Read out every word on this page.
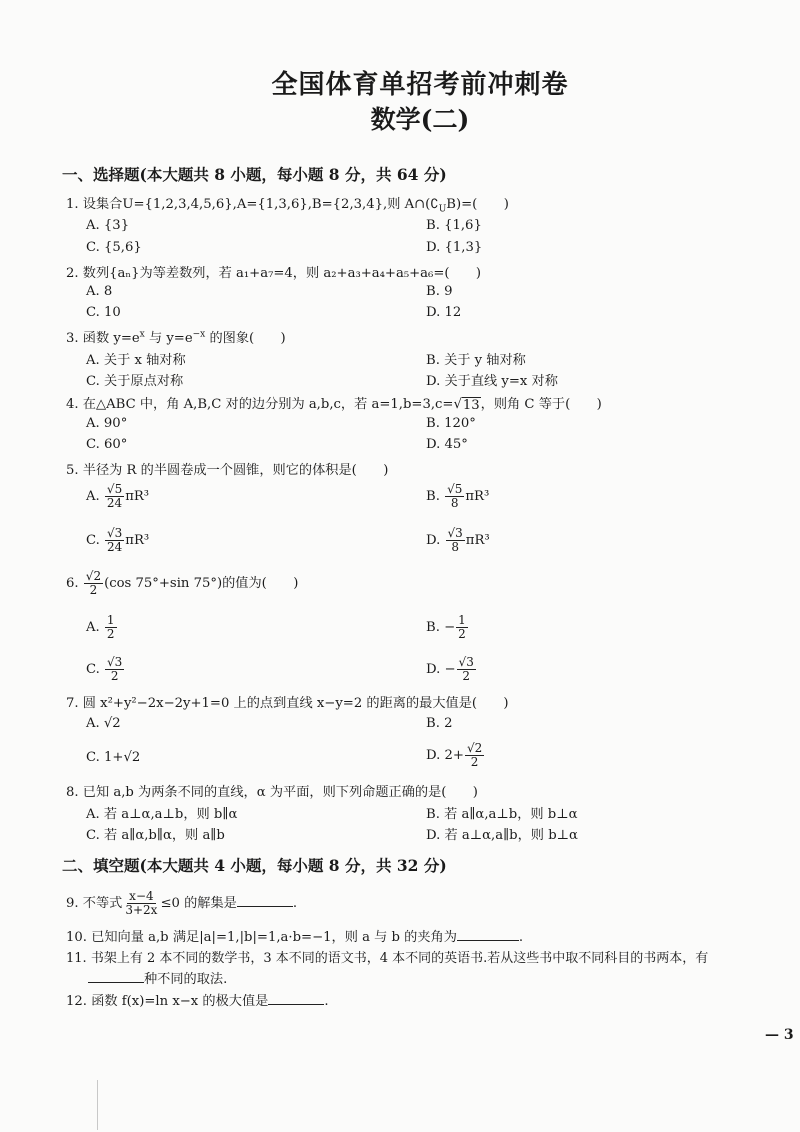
全国体育单招考前冲刺卷
数学(二)
一、选择题(本大题共 8 小题，每小题 8 分，共 64 分)
1. 设集合U={1,2,3,4,5,6},A={1,3,6},B={2,3,4},则 $A\cap(∁_UB)=$(　　)
A. {3}	B. {1,6}
C. {5,6}	D. {1,3}
2. 数列{aₙ}为等差数列，若 a₁+a₇=4，则 a₂+a₃+a₄+a₅+a₆=(　　)
A. 8	B. 9
C. 10	D. 12
3. 函数 $y=e^x$ 与 $y=e^{-x}$ 的图象(　　)
A. 关于 x 轴对称	B. 关于 y 轴对称
C. 关于原点对称	D. 关于直线 y=x 对称
4. 在△ABC 中，角 A,B,C 对的边分别为 a,b,c，若 a=1,b=3,c=√ 13 ，则角 C 等于(　　)
A. 90°	B. 120°
C. 60°	D. 45°
5. 半径为 R 的半圆卷成一个圆锥，则它的体积是(　　)
A. $\frac{√5}{24} \pi R^3$	B. $\frac{√5}{8} \pi R^3$
C. $\frac{√3}{24} \pi R^3$	D. $\frac{√3}{8} \pi R^3$
6. $\frac{√2}{2} (\cos$ 75°+sin 75°)的值为(　　)
A. $\frac{1}{2}$	B. − $\frac{1}{2}$
C. $\frac{√3}{2}$	D. − $\frac{√3}{2}$
7. 圆 x²+y²−2x−2y+1=0 上的点到直线 x−y=2 的距离的最大值是(　　)
A. √2	B. 2
C. 1+√2	D. $2+ \frac{√2}{2}$
8. 已知 a,b 为两条不同的直线，α 为平面，则下列命题正确的是(　　)
A. 若 a⊥α,a⊥b，则 b∥α	B. 若 a∥α,a⊥b，则 b⊥α
C. 若 a∥α,b∥α，则 a∥b	D. 若 a⊥α,a∥b，则 b⊥α
二、填空题(本大题共 4 小题，每小题 8 分，共 32 分)
9. 不等式 $\frac{x-4}{3+2x} \le 0$ 的解集是	.
10. 已知向量 a,b 满足|a|=1,|b|=1,a·b=−1，则 a 与 b 的夹角为	.
11. 书架上有 2 本不同的数学书，3 本不同的语文书，4 本不同的英语书.若从这些书中取不同科目的书两本，有
种不同的取法.
12. 函数 f(x)=ln x−x 的极大值是	.
— 3
